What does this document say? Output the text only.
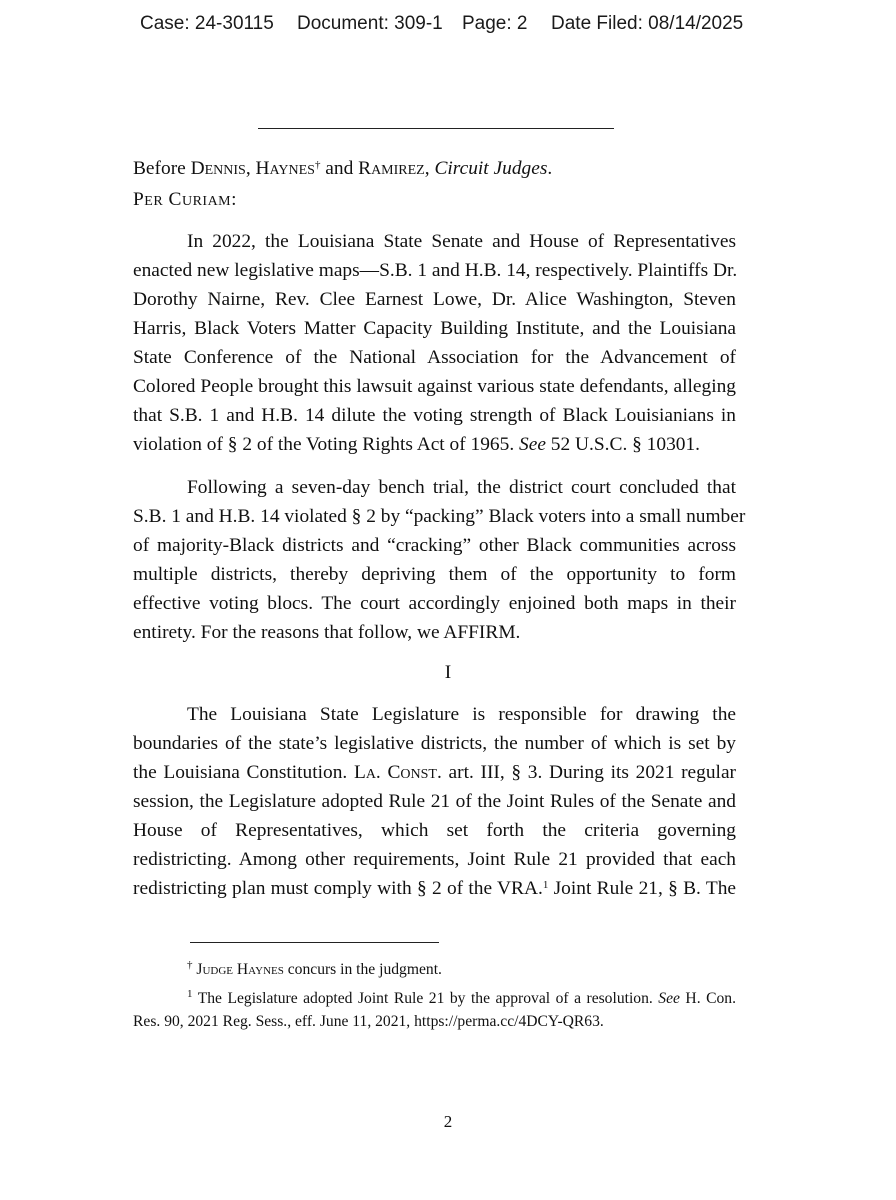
Case: 24-30115 Document: 309-1 Page: 2 Date Filed: 08/14/2025
Before Dennis, Haynes† and Ramirez, Circuit Judges.
Per Curiam:
In 2022, the Louisiana State Senate and House of Representatives
enacted new legislative maps—S.B. 1 and H.B. 14, respectively. Plaintiffs Dr.
Dorothy Nairne, Rev. Clee Earnest Lowe, Dr. Alice Washington, Steven
Harris, Black Voters Matter Capacity Building Institute, and the Louisiana
State Conference of the National Association for the Advancement of
Colored People brought this lawsuit against various state defendants, alleging
that S.B. 1 and H.B. 14 dilute the voting strength of Black Louisianians in
violation of § 2 of the Voting Rights Act of 1965. See 52 U.S.C. § 10301.
Following a seven-day bench trial, the district court concluded that
S.B. 1 and H.B. 14 violated § 2 by “packing” Black voters into a small number
of majority-Black districts and “cracking” other Black communities across
multiple districts, thereby depriving them of the opportunity to form
effective voting blocs. The court accordingly enjoined both maps in their
entirety. For the reasons that follow, we AFFIRM.
I
The Louisiana State Legislature is responsible for drawing the
boundaries of the state’s legislative districts, the number of which is set by
the Louisiana Constitution. La. Const. art. III, § 3. During its 2021 regular
session, the Legislature adopted Rule 21 of the Joint Rules of the Senate and
House of Representatives, which set forth the criteria governing
redistricting. Among other requirements, Joint Rule 21 provided that each
redistricting plan must comply with § 2 of the VRA.$^1$ Joint Rule 21, § B. The
† Judge Haynes concurs in the judgment.
$^1$ The Legislature adopted Joint Rule 21 by the approval of a resolution. See H. Con.
Res. 90, 2021 Reg. Sess., eff. June 11, 2021, https://perma.cc/4DCY-QR63.
2
